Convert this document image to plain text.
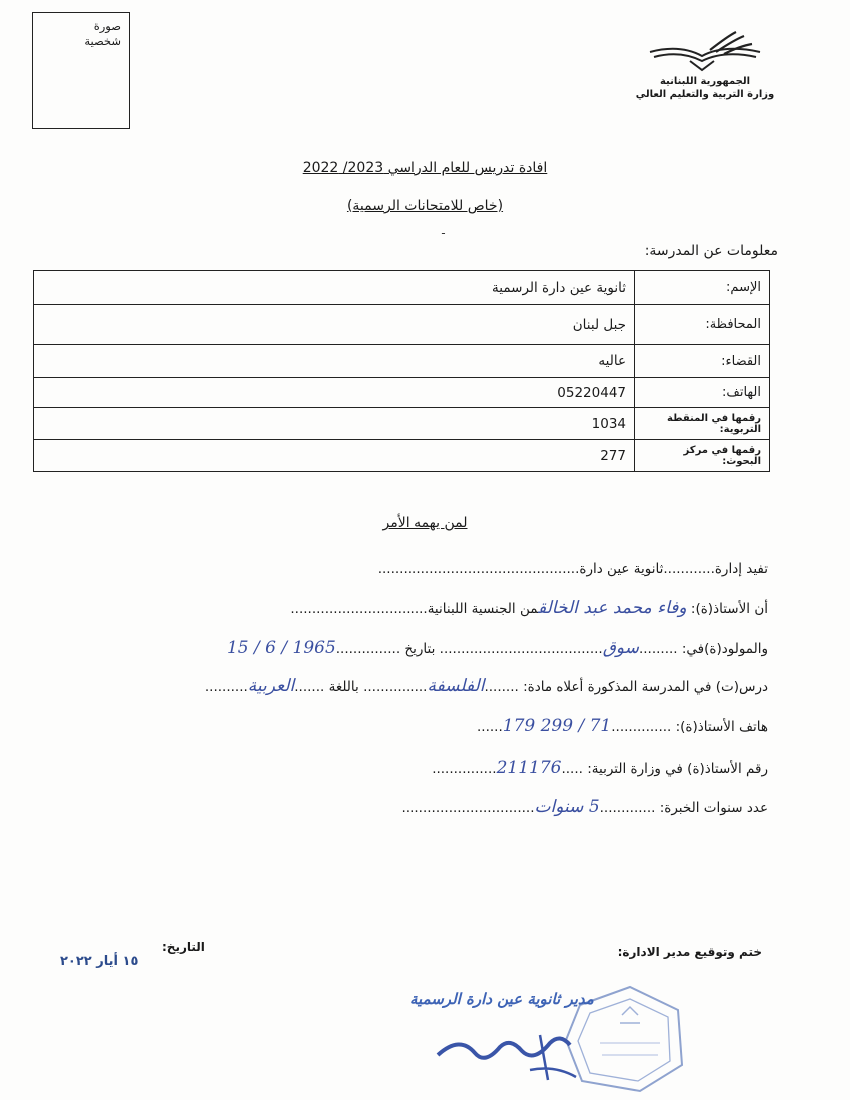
صورة
شخصية
الجمهورية اللبنانية
وزارة التربية والتعليم العالي
افادة تدريس للعام الدراسي 2023/ 2022
(خاص للامتحانات الرسمية)
ـ
معلومات عن المدرسة:
ثانوية عين دارة الرسمية	الإسم:
جبل لبنان	المحافظة:
عاليه	القضاء:
05220447	الهاتف:
1034	رقمها في المنقطة التربوية:
277	رقمها في مركز البحوث:
لمن يهمه الأمر
تفيد إدارة............ثانوية عين دارة...............................................
أن الأستاذ(ة): وفاء محمد عبد الخالقمن الجنسية اللبنانية................................
والمولود(ة)في: .........سوق...................................... بتاريخ ...............1965 / 6 / 15
درس(ت) في المدرسة المذكورة أعلاه مادة: ........الفلسفة............... باللغة .......العربية..........
هاتف الأستاذ(ة): ..............71 / 299 179......
رقم الأستاذ(ة) في وزارة التربية: .....211176...............
عدد سنوات الخبرة: .............5 سنوات...............................
ختم وتوقيع مدير الادارة:
التاريخ:
١٥ أيار ٢٠٢٢
مدير ثانوية عين دارة الرسمية
